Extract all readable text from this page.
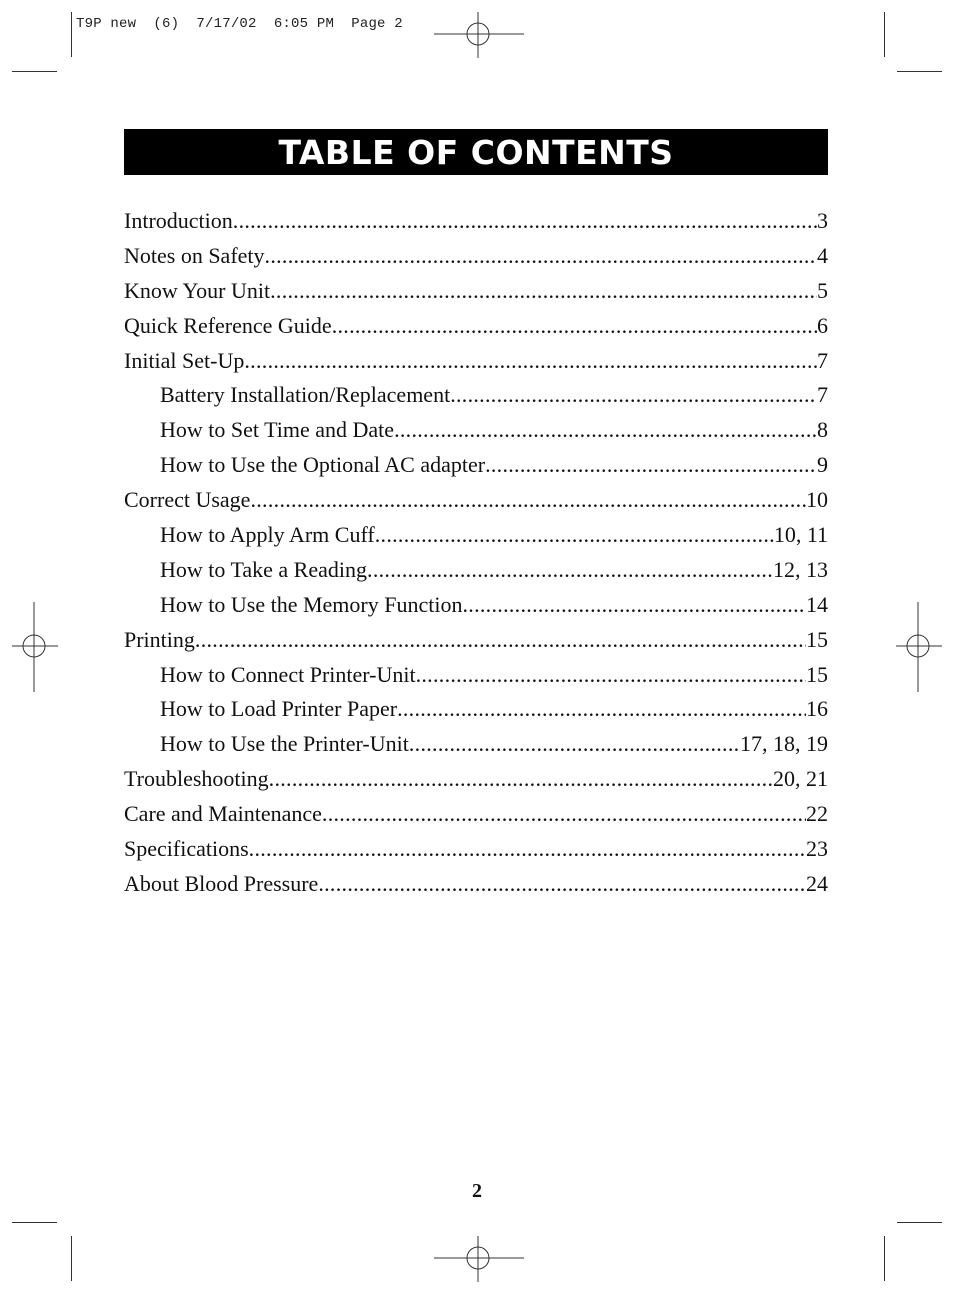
T9P new  (6)  7/17/02  6:05 PM  Page 2
TABLE OF CONTENTS
Introduction .....	3
Notes on Safety .....	4
Know Your Unit .....	5
Quick Reference Guide .....	6
Initial Set-Up .....	7
Battery Installation/Replacement .....	7
How to Set Time and Date .....	8
How to Use the Optional AC adapter .....	9
Correct Usage .....	10
How to Apply Arm Cuff .....	10, 11
How to Take a Reading .....	12, 13
How to Use the Memory Function .....	14
Printing .....	15
How to Connect Printer-Unit .....	15
How to Load Printer Paper .....	16
How to Use the Printer-Unit .....	17, 18, 19
Troubleshooting .....	20, 21
Care and Maintenance .....	22
Specifications .....	23
About Blood Pressure .....	24
2
